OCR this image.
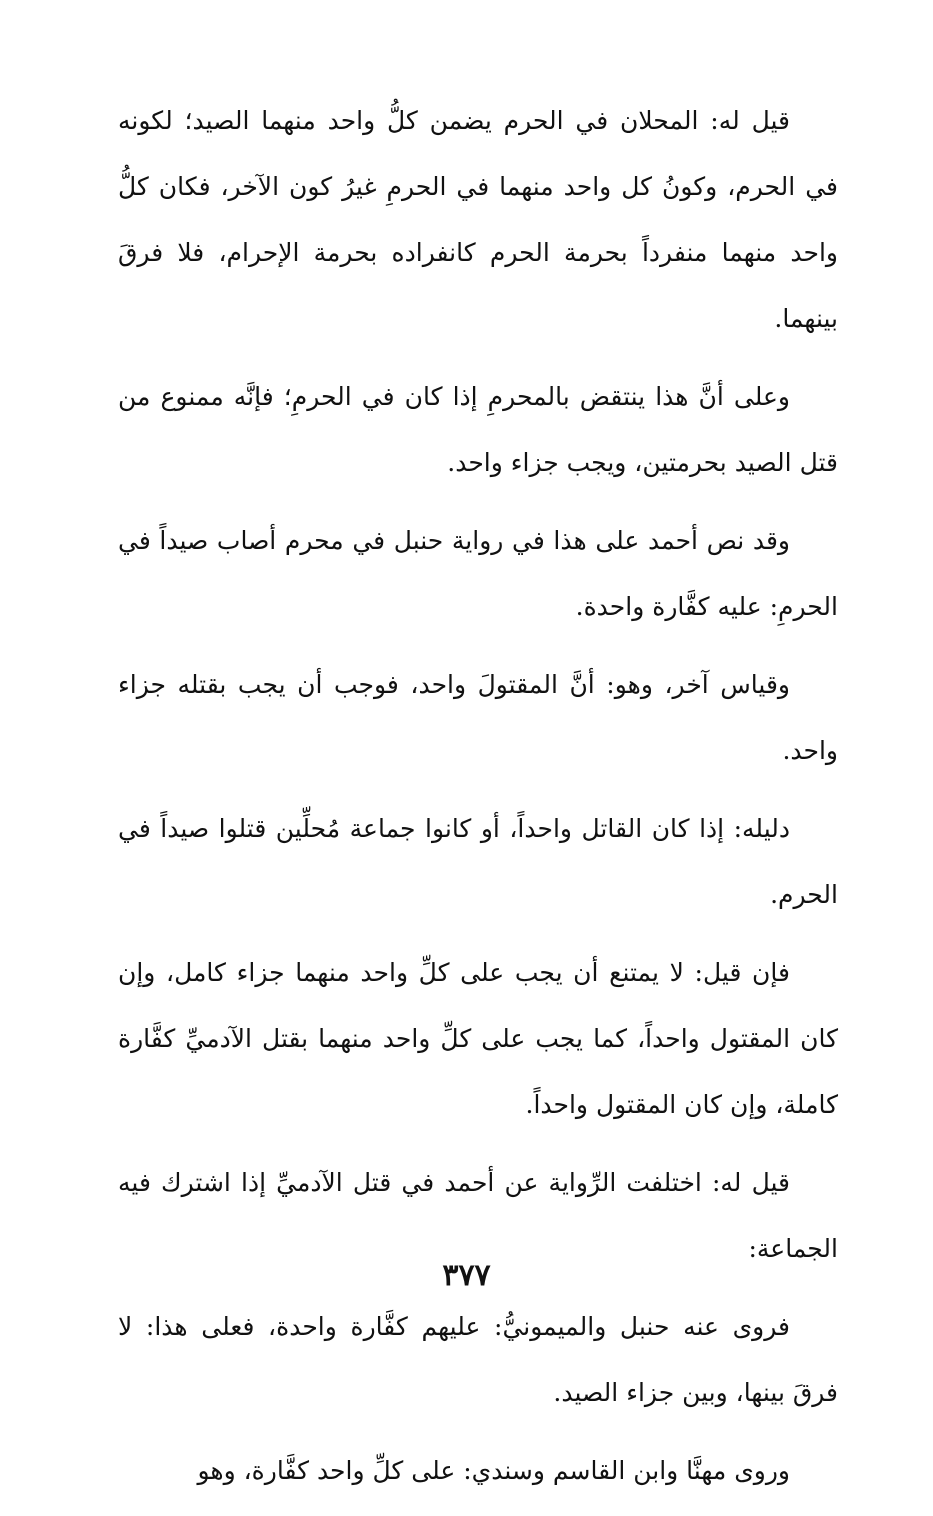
قيل له: المحلان في الحرم يضمن كلُّ واحد منهما الصيد؛ لكونه في الحرم، وكونُ كل واحد منهما في الحرمِ غيرُ كون الآخر، فكان كلُّ واحد منهما منفرداً بحرمة الحرم كانفراده بحرمة الإحرام، فلا فرقَ بينهما.

وعلى أنَّ هذا ينتقض بالمحرمِ إذا كان في الحرمِ؛ فإنَّه ممنوع من قتل الصيد بحرمتين، ويجب جزاء واحد.

وقد نص أحمد على هذا في رواية حنبل في محرم أصاب صيداً في الحرمِ: عليه كفَّارة واحدة.

وقياس آخر، وهو: أنَّ المقتولَ واحد، فوجب أن يجب بقتله جزاء واحد.

دليله: إذا كان القاتل واحداً، أو كانوا جماعة مُحلِّين قتلوا صيداً في الحرم.

فإن قيل: لا يمتنع أن يجب على كلِّ واحد منهما جزاء كامل، وإن كان المقتول واحداً، كما يجب على كلِّ واحد منهما بقتل الآدميِّ كفَّارة كاملة، وإن كان المقتول واحداً.

قيل له: اختلفت الرِّواية عن أحمد في قتل الآدميِّ إذا اشترك فيه الجماعة:

فروى عنه حنبل والميمونيُّ: عليهم كفَّارة واحدة، فعلى هذا: لا فرقَ بينها، وبين جزاء الصيد.

وروى مهنَّا وابن القاسم وسندي: على كلِّ واحد كفَّارة، وهو

٣٧٧
